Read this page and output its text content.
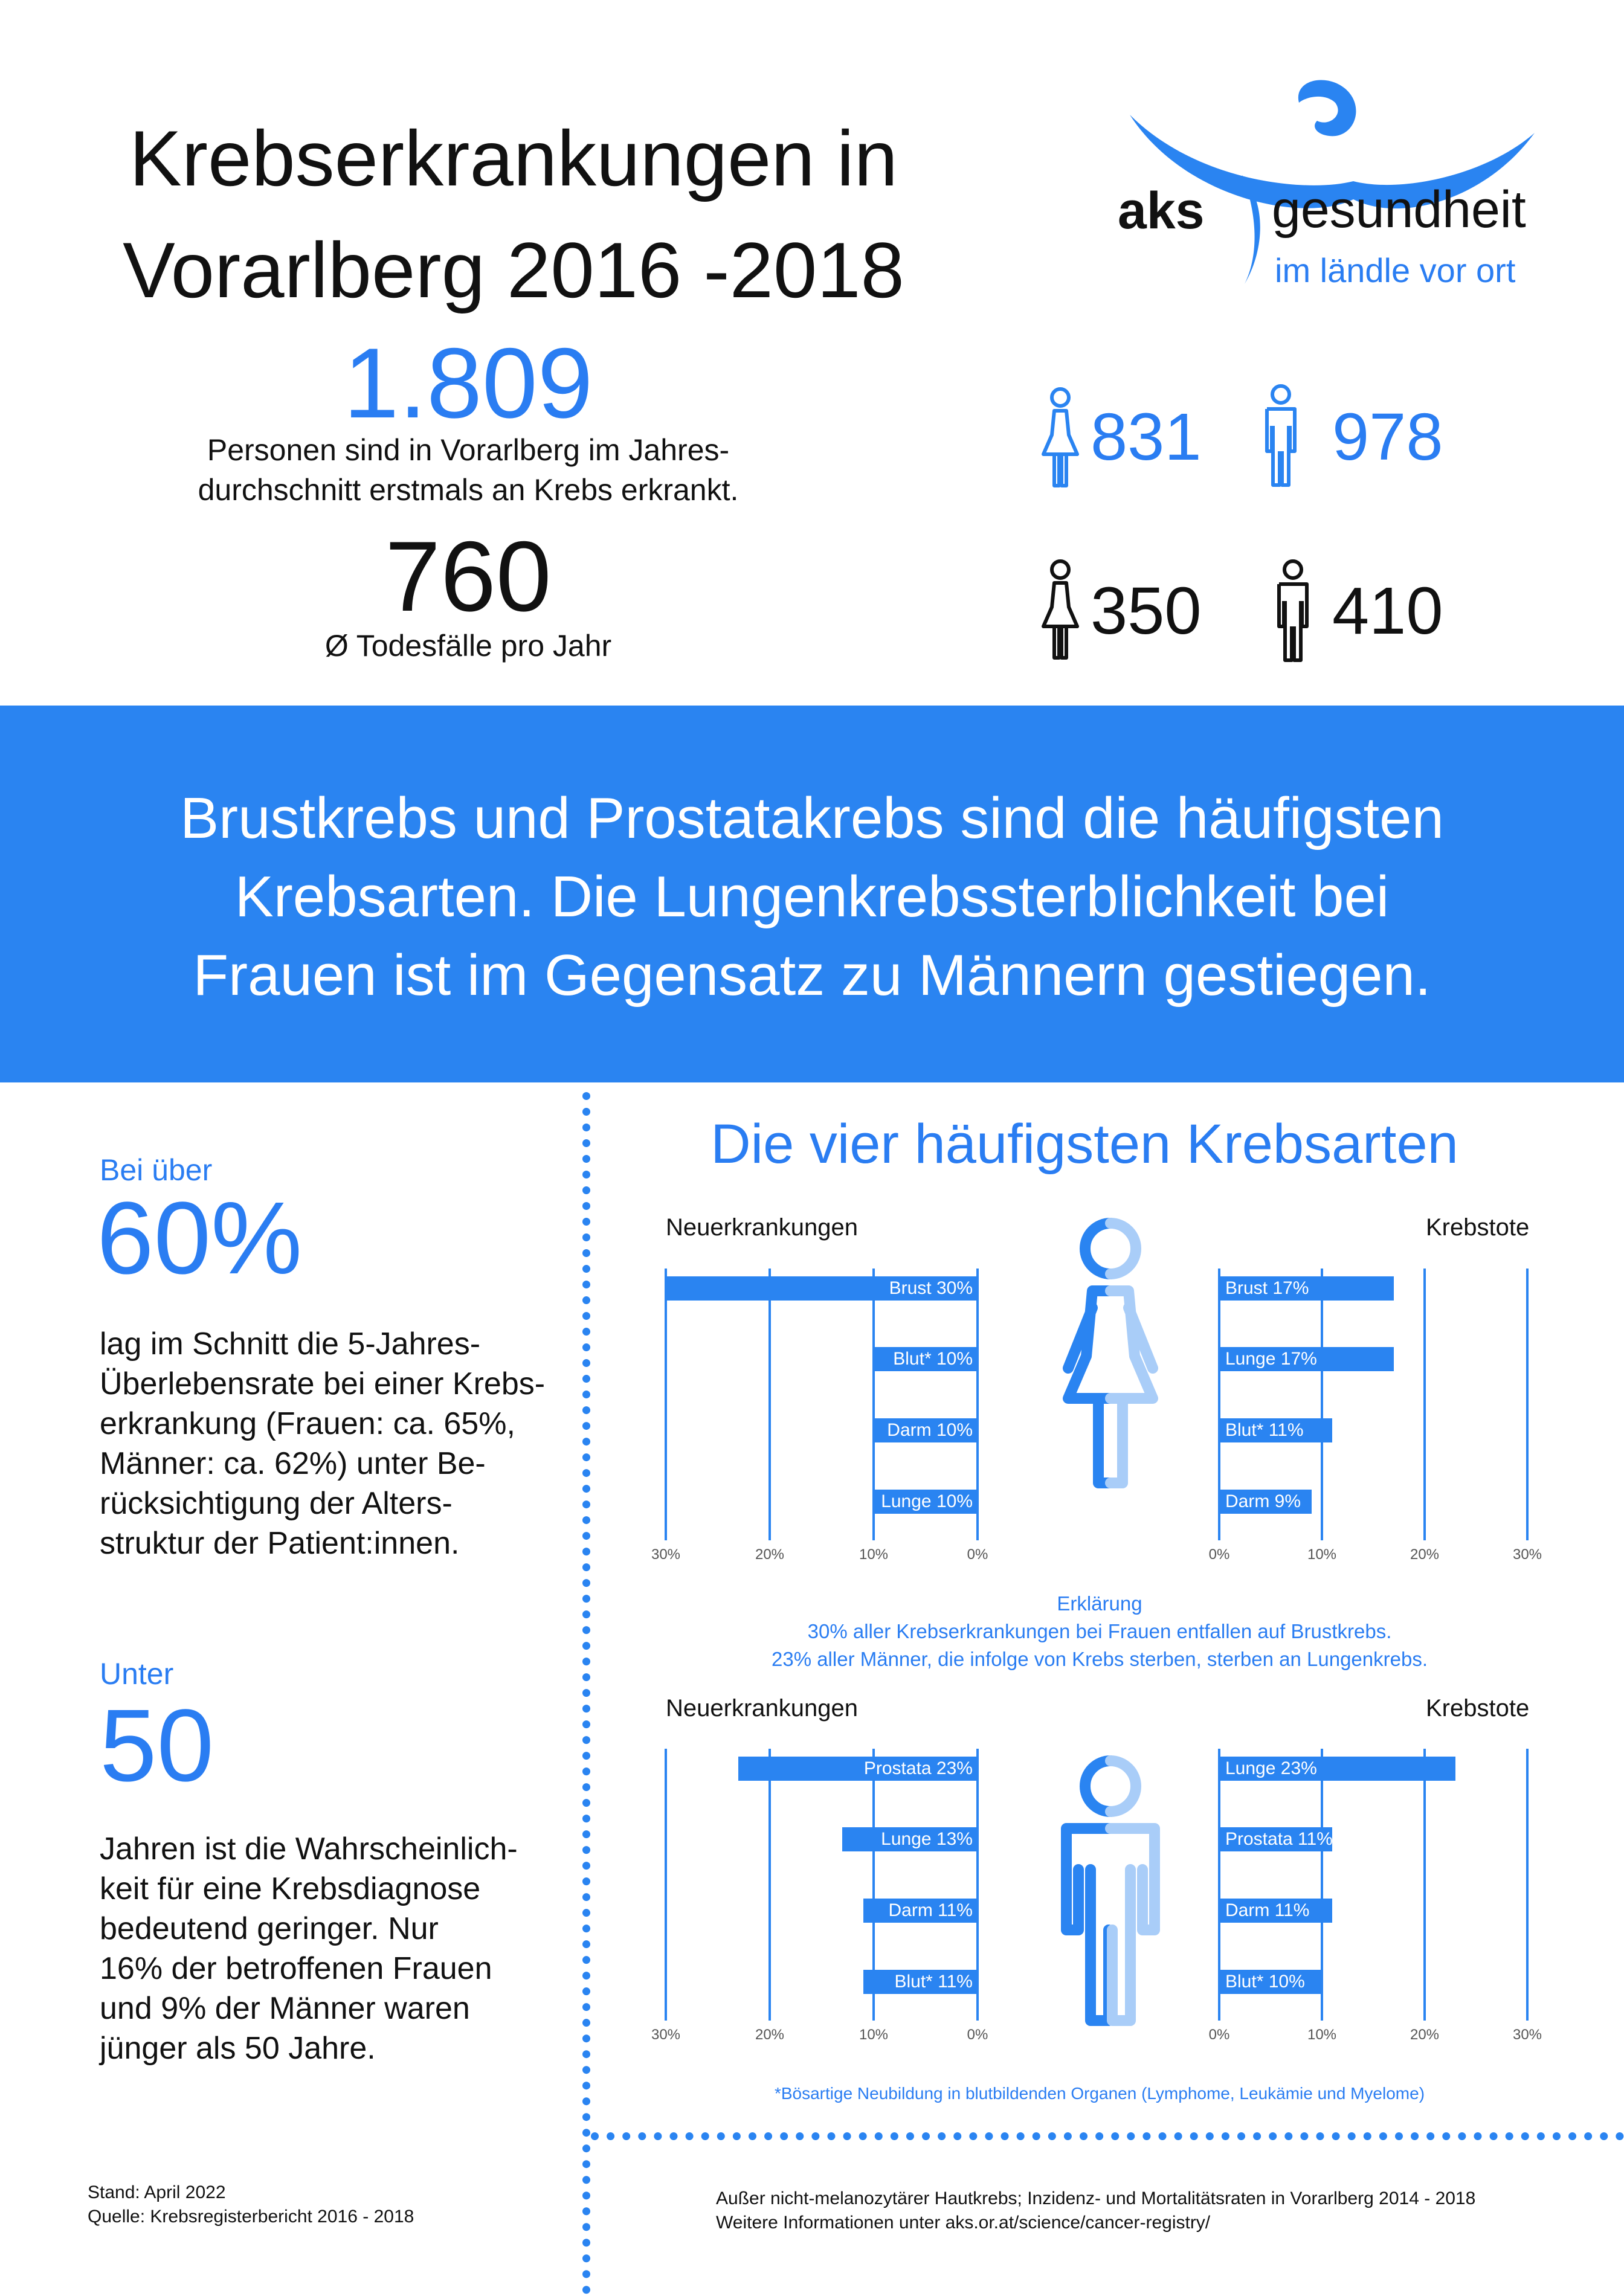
Krebserkrankungen in
Vorarlberg 2016 -2018
aks gesundheit
im ländle vor ort
1.809
Personen sind in Vorarlberg im Jahres-
durchschnitt erstmals an Krebs erkrankt.
760
Ø Todesfälle pro Jahr
831 978
350 410
Brustkrebs und Prostatakrebs sind die häufigsten
Krebsarten. Die Lungenkrebssterblichkeit bei
Frauen ist im Gegensatz zu Männern gestiegen.
Bei über
60%
lag im Schnitt die 5-Jahres-
Überlebensrate bei einer Krebs-
erkrankung (Frauen: ca. 65%,
Männer: ca. 62%) unter Be-
rücksichtigung der Alters-
struktur der Patient:innen.
Unter
50
Jahren ist die Wahrscheinlich-
keit für eine Krebsdiagnose
bedeutend geringer. Nur
16% der betroffenen Frauen
und 9% der Männer waren
jünger als 50 Jahre.
Stand: April 2022
Quelle: Krebsregisterbericht 2016 - 2018
Außer nicht-melanozytärer Hautkrebs; Inzidenz- und Mortalitätsraten in Vorarlberg 2014 - 2018
Weitere Informationen unter aks.or.at/science/cancer-registry/
Die vier häufigsten Krebsarten
Neuerkrankungen	Krebstote
30%	20%	10%	0%	0%	10%	20%	30%
Brust 30%
Blut* 10%
Darm 10%
Lunge 10%
Brust 17%
Lunge 17%
Blut* 11%
Darm 9%
Neuerkrankungen	Krebstote
30%	20%	10%	0%	0%	10%	20%	30%
Prostata 23%
Lunge 13%
Darm 11%
Blut* 11%
Lunge 23%
Prostata 11%
Darm 11%
Blut* 10%
Erklärung
30% aller Krebserkrankungen bei Frauen entfallen auf Brustkrebs.
23% aller Männer, die infolge von Krebs sterben, sterben an Lungenkrebs.
*Bösartige Neubildung in blutbildenden Organen (Lymphome, Leukämie und Myelome)
